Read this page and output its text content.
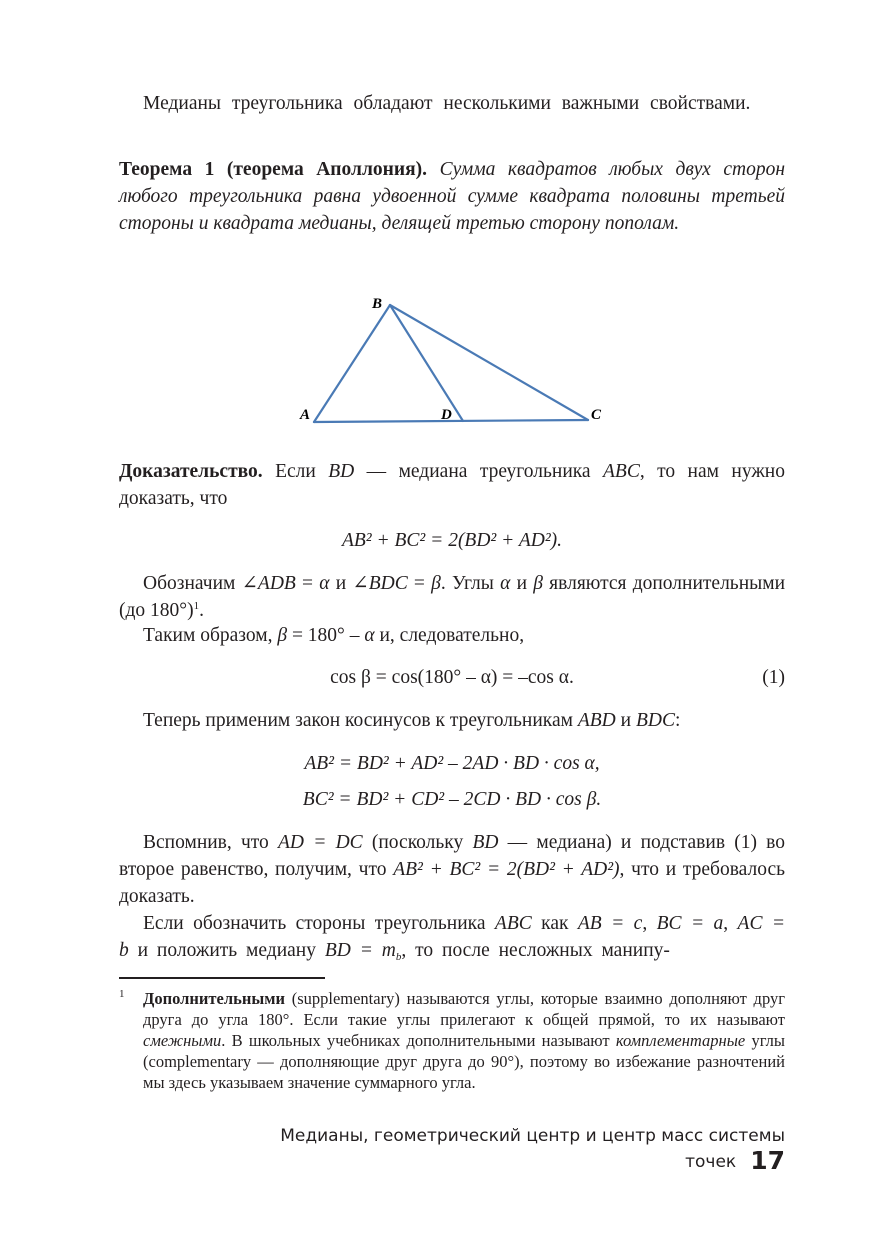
Медианы треугольника обладают несколькими важными свойствами.
Теорема 1 (теорема Аполлония). Сумма квадратов любых двух сторон любого треугольника равна удвоенной сумме квадрата половины третьей стороны и квадрата медианы, делящей третью сторону пополам.
B
A	D	C
Доказательство. Если BD — медиана треугольника ABC, то нам нужно доказать, что
AB² + BC² = 2(BD² + AD²).
Обозначим ∠ADB = α и ∠BDC = β. Углы α и β являются дополнительными (до 180°)$^1$.
Таким образом, β = 180° – α и, следовательно,
cos β = cos(180° – α) = –cos α.	(1)
Теперь применим закон косинусов к треугольникам ABD и BDC:
AB² = BD² + AD² – 2AD · BD · cos α,
BC² = BD² + CD² – 2CD · BD · cos β.
Вспомнив, что AD = DC (поскольку BD — медиана) и подставив (1) во второе равенство, получим, что AB² + BC² = 2(BD² + AD²), что и требовалось доказать.
Если обозначить стороны треугольника ABC как AB = c, BC = a, AC = b и положить медиану BD = $m_b$, то после несложных манипу-
1 Дополнительными (supplementary) называются углы, которые взаимно дополняют друг друга до угла 180°. Если такие углы прилегают к общей прямой, то их называют смежными. В школьных учебниках дополнительными называют комплементарные углы (complementary — дополняющие друг друга до 90°), поэтому во избежание разночтений мы здесь указываем значение суммарного угла.
Медианы, геометрический центр и центр масс системы точек 17
